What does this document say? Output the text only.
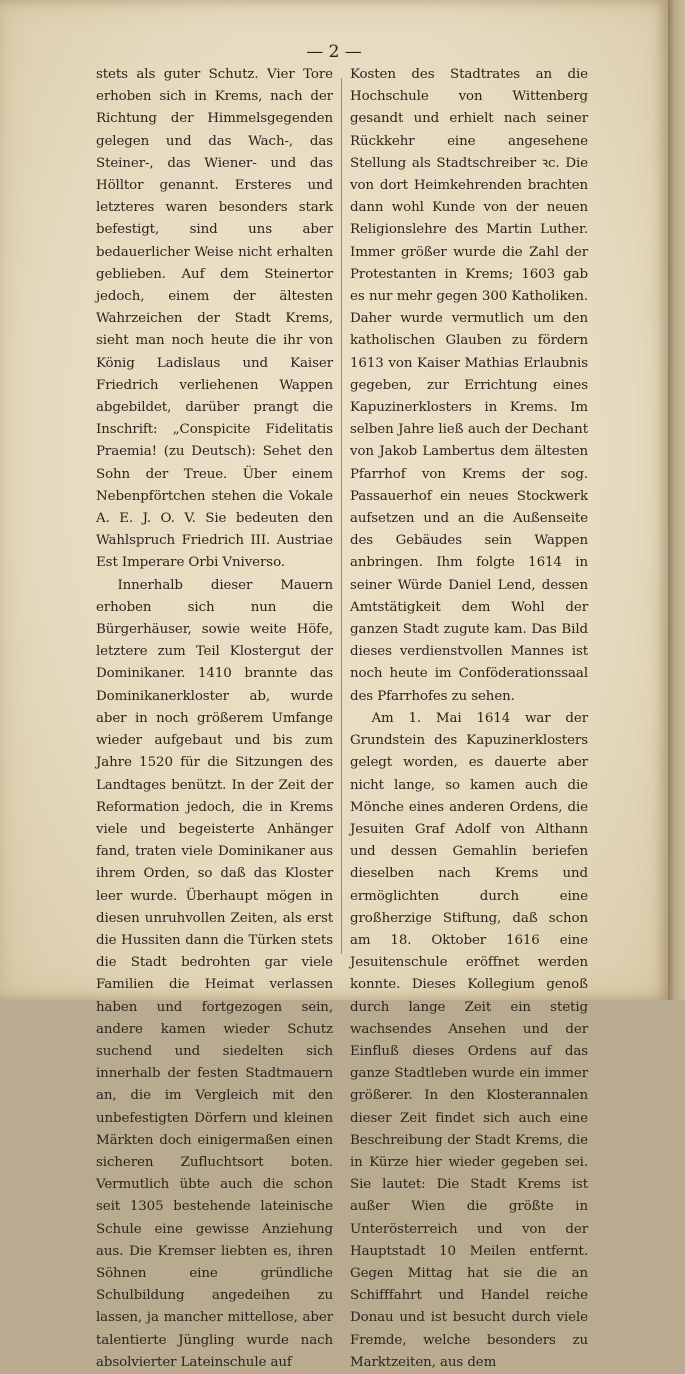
— 2 —

stets als guter Schutz. Vier Tore erhoben sich in Krems, nach der Richtung der Himmelsgegenden gelegen und das Wach-, das Steiner-, das Wiener- und das Hölltor genannt. Ersteres und letzteres waren besonders stark befestigt, sind uns aber bedauerlicher Weise nicht erhalten geblieben. Auf dem Steinertor jedoch, einem der ältesten Wahrzeichen der Stadt Krems, sieht man noch heute die ihr von König Ladislaus und Kaiser Friedrich verliehenen Wappen abgebildet, darüber prangt die Inschrift: „Conspicite Fidelitatis Praemia! (zu Deutsch): Sehet den Sohn der Treue. Über einem Nebenpförtchen stehen die Vokale A. E. J. O. V. Sie bedeuten den Wahlspruch Friedrich III. Austriae Est Imperare Orbi Vniverso.
Innerhalb dieser Mauern erhoben sich nun die Bürgerhäuser, sowie weite Höfe, letztere zum Teil Klostergut der Dominikaner. 1410 brannte das Dominikanerkloster ab, wurde aber in noch größerem Umfange wieder aufgebaut und bis zum Jahre 1520 für die Sitzungen des Landtages benützt. In der Zeit der Reformation jedoch, die in Krems viele und begeisterte Anhänger fand, traten viele Dominikaner aus ihrem Orden, so daß das Kloster leer wurde. Überhaupt mögen in diesen unruhvollen Zeiten, als erst die Hussiten dann die Türken stets die Stadt bedrohten gar viele Familien die Heimat verlassen haben und fortgezogen sein, andere kamen wieder Schutz suchend und siedelten sich innerhalb der festen Stadtmauern an, die im Vergleich mit den unbefestigten Dörfern und kleinen Märkten doch einigermaßen einen sicheren Zufluchtsort boten. Vermutlich übte auch die schon seit 1305 bestehende lateinische Schule eine gewisse Anziehung aus. Die Kremser liebten es, ihren Söhnen eine gründliche Schulbildung angedeihen zu lassen, ja mancher mittellose, aber talentierte Jüngling wurde nach absolvierter Lateinschule auf

Kosten des Stadtrates an die Hochschule von Wittenberg gesandt und erhielt nach seiner Rückkehr eine angesehene Stellung als Stadtschreiber ꝛc. Die von dort Heimkehrenden brachten dann wohl Kunde von der neuen Religionslehre des Martin Luther. Immer größer wurde die Zahl der Protestanten in Krems; 1603 gab es nur mehr gegen 300 Katholiken. Daher wurde vermutlich um den katholischen Glauben zu fördern 1613 von Kaiser Mathias Erlaubnis gegeben, zur Errichtung eines Kapuzinerklosters in Krems. Im selben Jahre ließ auch der Dechant von Jakob Lambertus dem ältesten Pfarrhof von Krems der sog. Passauerhof ein neues Stockwerk aufsetzen und an die Außenseite des Gebäudes sein Wappen anbringen. Ihm folgte 1614 in seiner Würde Daniel Lend, dessen Amtstätigkeit dem Wohl der ganzen Stadt zugute kam. Das Bild dieses verdienstvollen Mannes ist noch heute im Conföderationssaal des Pfarrhofes zu sehen.
Am 1. Mai 1614 war der Grundstein des Kapuzinerklosters gelegt worden, es dauerte aber nicht lange, so kamen auch die Mönche eines anderen Ordens, die Jesuiten Graf Adolf von Althann und dessen Gemahlin beriefen dieselben nach Krems und ermöglichten durch eine großherzige Stiftung, daß schon am 18. Oktober 1616 eine Jesuitenschule eröffnet werden konnte. Dieses Kollegium genoß durch lange Zeit ein stetig wachsendes Ansehen und der Einfluß dieses Ordens auf das ganze Stadtleben wurde ein immer größerer. In den Klosterannalen dieser Zeit findet sich auch eine Beschreibung der Stadt Krems, die in Kürze hier wieder gegeben sei. Sie lautet: Die Stadt Krems ist außer Wien die größte in Unterösterreich und von der Hauptstadt 10 Meilen entfernt. Gegen Mittag hat sie die an Schifffahrt und Handel reiche Donau und ist besucht durch viele Fremde, welche besonders zu Marktzeiten, aus dem
